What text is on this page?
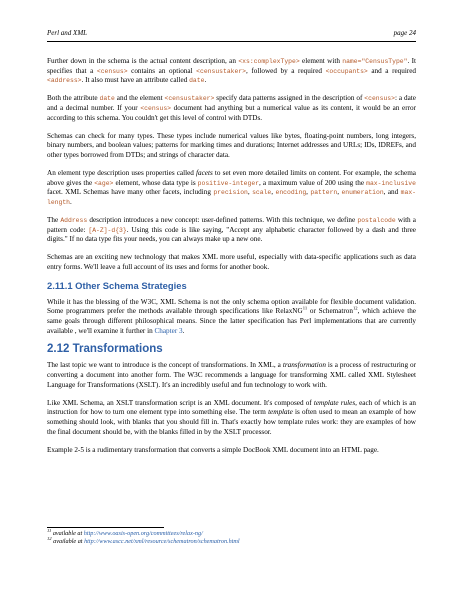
Perl and XML	page 24

Further down in the schema is the actual content description, an <xs:complexType> element with name="CensusType". It specifies that a <census> contains an optional <censustaker>, followed by a required <occupants> and a required <address>. It also must have an attribute called date.

Both the attribute date and the element <censustaker> specify data patterns assigned in the description of <census>: a date and a decimal number. If your <census> document had anything but a numerical value as its content, it would be an error according to this schema. You couldn't get this level of control with DTDs.

Schemas can check for many types. These types include numerical values like bytes, floating-point numbers, long integers, binary numbers, and boolean values; patterns for marking times and durations; Internet addresses and URLs; IDs, IDREFs, and other types borrowed from DTDs; and strings of character data.

An element type description uses properties called facets to set even more detailed limits on content. For example, the schema above gives the <age> element, whose data type is positive-integer, a maximum value of 200 using the max-inclusive facet. XML Schemas have many other facets, including precision, scale, encoding, pattern, enumeration, and max-length.

The Address description introduces a new concept: user-defined patterns. With this technique, we define postalcode with a pattern code: [A-Z]-d{3}. Using this code is like saying, "Accept any alphabetic character followed by a dash and three digits." If no data type fits your needs, you can always make up a new one.

Schemas are an exciting new technology that makes XML more useful, especially with data-specific applications such as data entry forms. We'll leave a full account of its uses and forms for another book.

2.11.1 Other Schema Strategies

While it has the blessing of the W3C, XML Schema is not the only schema option available for flexible document validation. Some programmers prefer the methods available through specifications like RelaxNG$^{11}$ or Schematron$^{12}$, which achieve the same goals through different philosophical means. Since the latter specification has Perl implementations that are currently available , we'll examine it further in Chapter 3.

2.12 Transformations

The last topic we want to introduce is the concept of transformations. In XML, a transformation is a process of restructuring or converting a document into another form. The W3C recommends a language for transforming XML called XML Stylesheet Language for Transformations (XSLT). It's an incredibly useful and fun technology to work with.

Like XML Schema, an XSLT transformation script is an XML document. It's composed of template rules, each of which is an instruction for how to turn one element type into something else. The term template is often used to mean an example of how something should look, with blanks that you should fill in. That's exactly how template rules work: they are examples of how the final document should be, with the blanks filled in by the XSLT processor.

Example 2-5 is a rudimentary transformation that converts a simple DocBook XML document into an HTML page.

$^{11}$ available at http://www.oasis-open.org/committees/relax-ng/
$^{12}$ available at http://www.ascc.net/xml/resource/schematron/schematron.html
